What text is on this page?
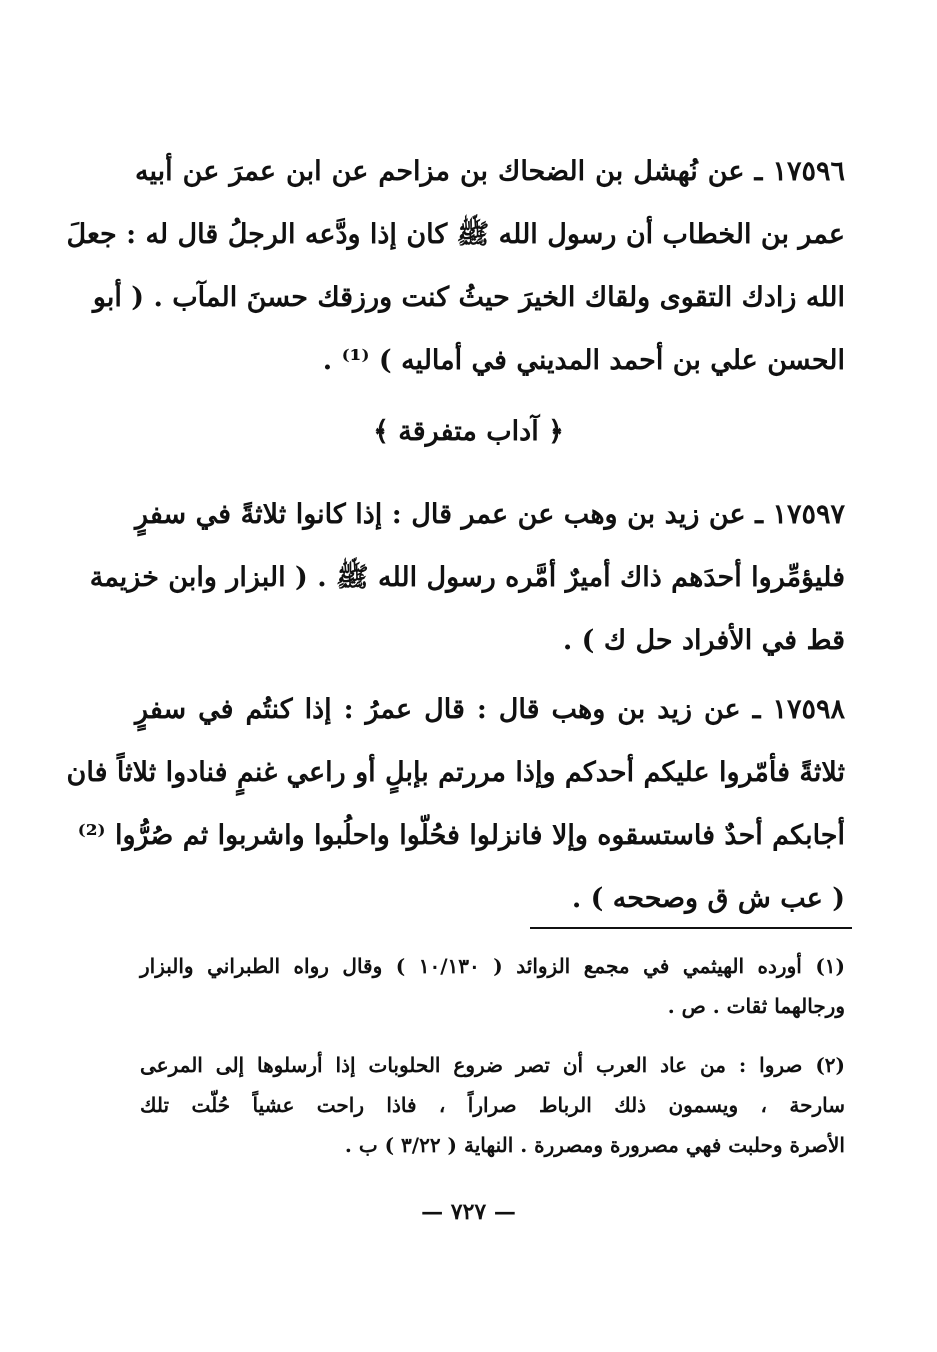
١٧٥٩٦ ـ عن نُهشل بن الضحاك بن مزاحم عن ابن عمرَ عن أبيه
عمر بن الخطاب أن رسول الله ﷺ كان إذا ودَّعه الرجلُ قال له : جعلَ
الله زادك التقوى ولقاك الخيرَ حيثُ كنت ورزقك حسنَ المآب . ( أبو
الحسن علي بن أحمد المديني في أماليه ) ⁽¹⁾ .
﴿ آداب متفرقة ﴾
١٧٥٩٧ ـ عن زيد بن وهب عن عمر قال : إذا كانوا ثلاثةً في سفرٍ
فليؤمِّروا أحدَهم ذاك أميرٌ أمَّره رسول الله ﷺ . ( البزار وابن خزيمة
قط في الأفراد حل ك ) .
١٧٥٩٨ ـ عن زيد بن وهب قال : قال عمرُ : إذا كنتُم في سفرٍ
ثلاثةً فأمّروا عليكم أحدكم وإذا مررتم بإبلٍ أو راعي غنمٍ فنادوا ثلاثاً فان
أجابكم أحدٌ فاستسقوه وإلا فانزلوا فحُلّوا واحلُبوا واشربوا ثم صُرُّوا ⁽²⁾
( عب ش ق وصححه ) .
(١) أورده الهيثمي في مجمع الزوائد ( ١٠/١٣٠ ) وقال رواه الطبراني والبزار
ورجالهما ثقات . ص .
(٢) صروا : من عاد العرب أن تصر ضروع الحلوبات إذا أرسلوها إلى المرعى
سارحة ، ويسمون ذلك الرباط صراراً ، فاذا راحت عشياً حُلّت تلك
الأصرة وحلبت فهي مصرورة ومصررة . النهاية ( ٣/٢٢ ) ب .
— ٧٢٧ —
